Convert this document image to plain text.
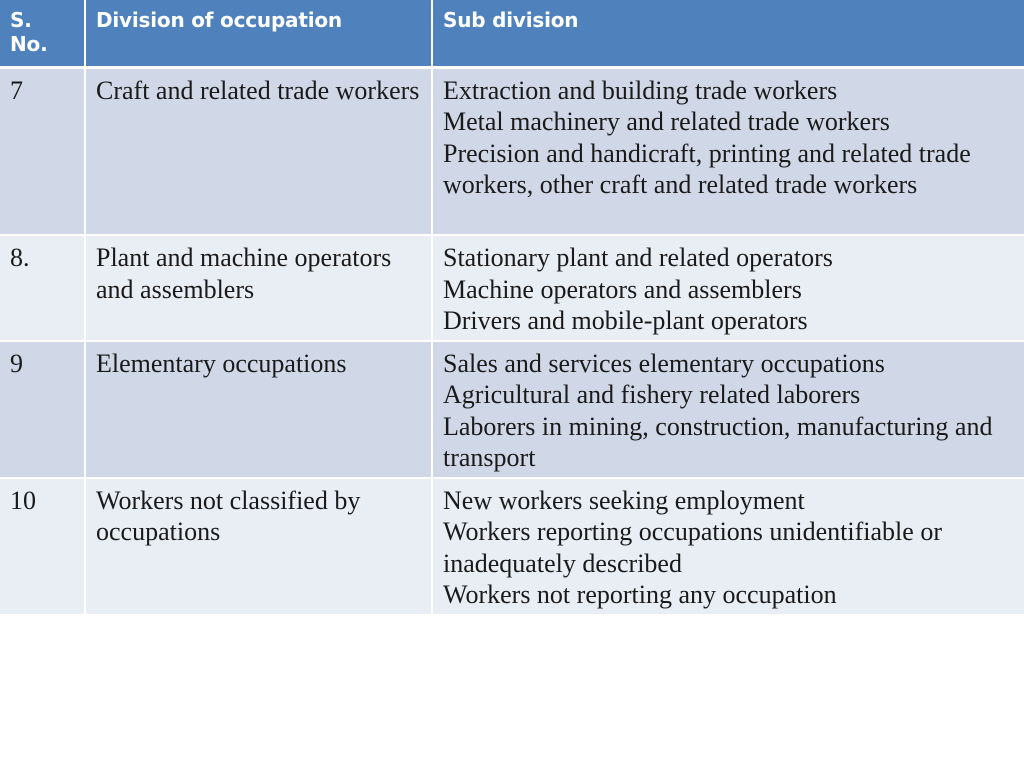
S. No.	Division of occupation	Sub division
7	Craft and related trade workers	Extraction and building trade workers
Metal machinery and related trade workers
Precision and handicraft, printing and related trade workers, other craft and related trade workers

8.	Plant and machine operators and assemblers	Stationary plant and related operators
Machine operators and assemblers
Drivers and mobile-plant operators

9	Elementary occupations	Sales and services elementary occupations
Agricultural and fishery related laborers
Laborers in mining, construction, manufacturing and transport

10	Workers not classified by occupations	New workers seeking employment
Workers reporting occupations unidentifiable or inadequately described
Workers not reporting any occupation
